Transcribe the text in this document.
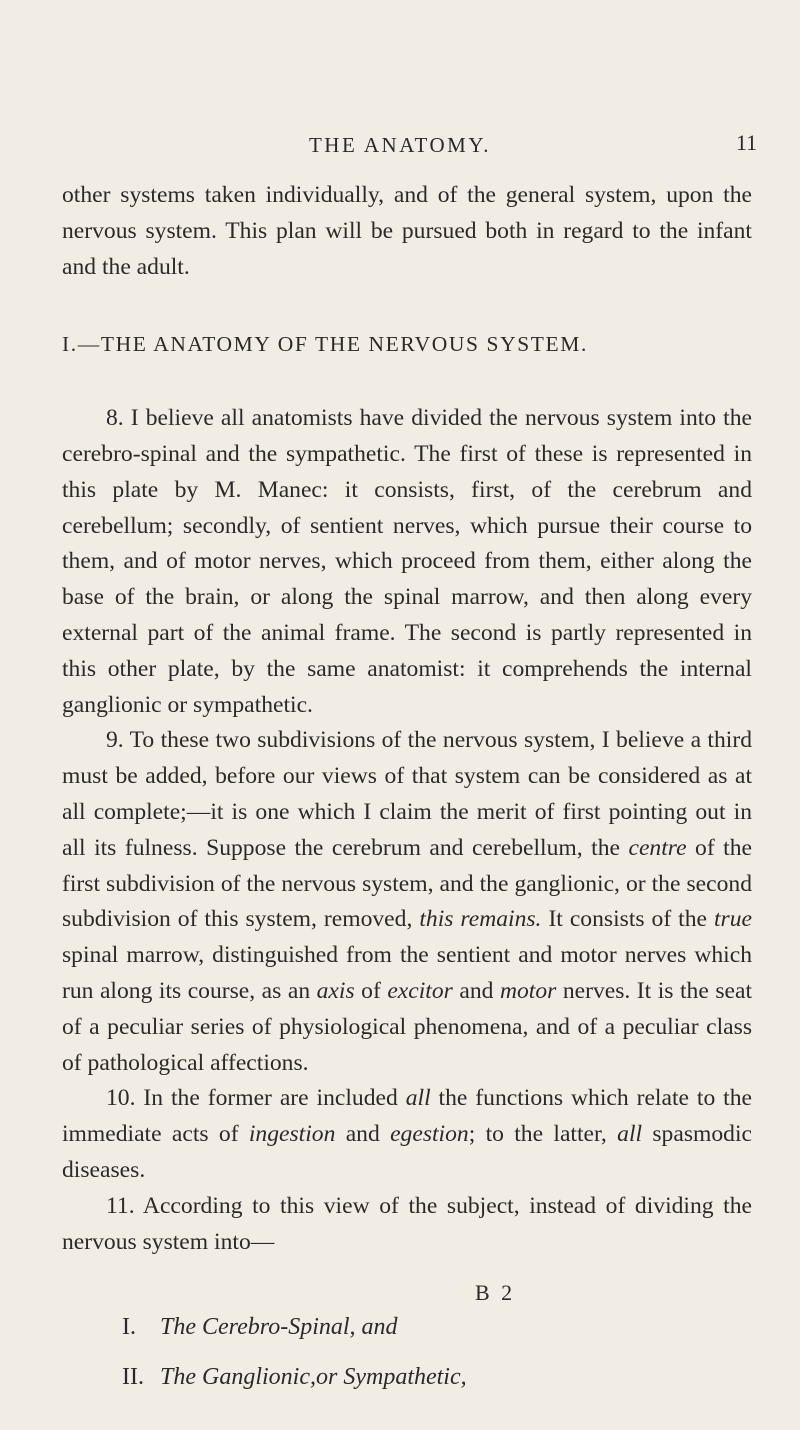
THE ANATOMY.	11

other systems taken individually, and of the general system, upon the nervous system. This plan will be pursued both in regard to the infant and the adult.

I.—THE ANATOMY OF THE NERVOUS SYSTEM.

8. I believe all anatomists have divided the nervous system into the cerebro-spinal and the sympathetic. The first of these is represented in this plate by M. Manec: it consists, first, of the cerebrum and cerebellum; secondly, of sentient nerves, which pursue their course to them, and of motor nerves, which proceed from them, either along the base of the brain, or along the spinal marrow, and then along every external part of the animal frame. The second is partly represented in this other plate, by the same anatomist: it comprehends the internal ganglionic or sympathetic.

9. To these two subdivisions of the nervous system, I believe a third must be added, before our views of that system can be considered as at all complete;—it is one which I claim the merit of first pointing out in all its fulness. Suppose the cerebrum and cerebellum, the centre of the first subdivision of the nervous system, and the ganglionic, or the second subdivision of this system, removed, this remains. It consists of the true spinal marrow, distinguished from the sentient and motor nerves which run along its course, as an axis of excitor and motor nerves. It is the seat of a peculiar series of physiological phenomena, and of a peculiar class of pathological affections.

10. In the former are included all the functions which relate to the immediate acts of ingestion and egestion; to the latter, all spasmodic diseases.

11. According to this view of the subject, instead of dividing the nervous system into—

I. The Cerebro-Spinal, and
II. The Ganglionic,or Sympathetic,
B 2
